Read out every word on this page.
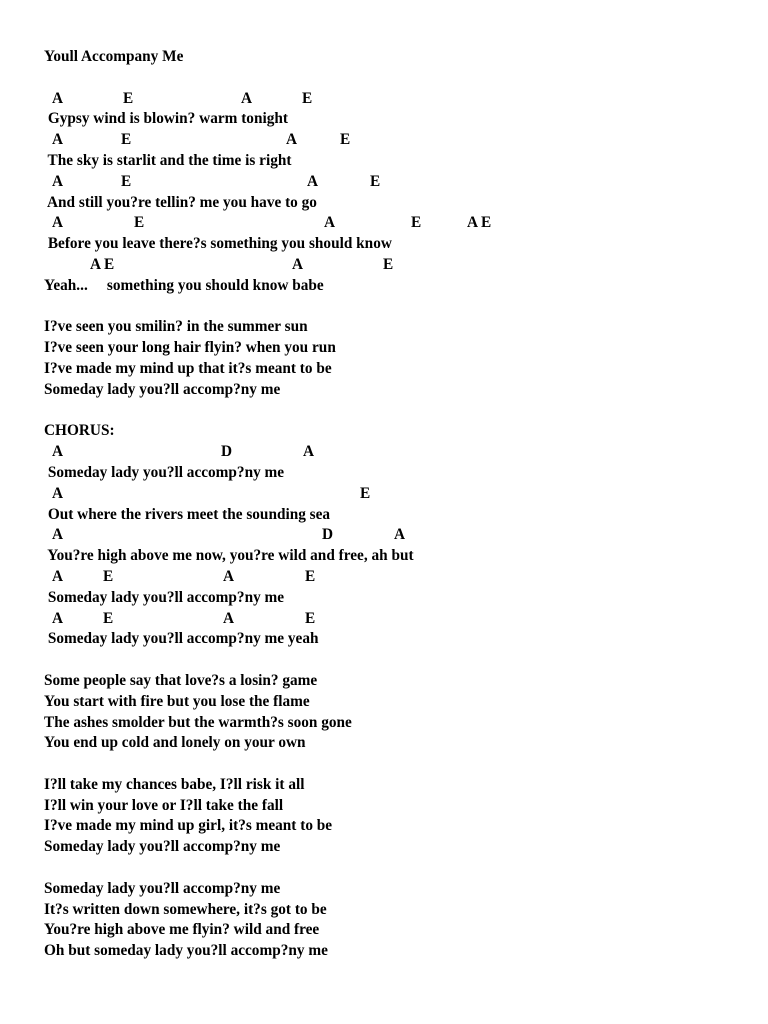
Youll Accompany Me

A

	E

	A

	E

Gypsy wind is blowin? warm tonight

A

	E

	A

	E

The sky is starlit and the time is right

A

	E

	A

	E

And still you?re tellin? me you have to go

A

	E

	A

	E

	A E

Before you leave there?s something you should know

A E

	A

	E

Yeah...     something you should know babe
I?ve seen you smilin? in the summer sun
I?ve seen your long hair flyin? when you run
I?ve made my mind up that it?s meant to be
Someday lady you?ll accomp?ny me
CHORUS:

A

	D

	A

Someday lady you?ll accomp?ny me

A

	E

Out where the rivers meet the sounding sea

A

	D

	A

You?re high above me now, you?re wild and free, ah but

A

	E

	A

	E

Someday lady you?ll accomp?ny me

A

	E

	A

	E

Someday lady you?ll accomp?ny me yeah
Some people say that love?s a losin? game
You start with fire but you lose the flame
The ashes smolder but the warmth?s soon gone
You end up cold and lonely on your own
I?ll take my chances babe, I?ll risk it all
I?ll win your love or I?ll take the fall
I?ve made my mind up girl, it?s meant to be
Someday lady you?ll accomp?ny me
Someday lady you?ll accomp?ny me
It?s written down somewhere, it?s got to be
You?re high above me flyin? wild and free
Oh but someday lady you?ll accomp?ny me
